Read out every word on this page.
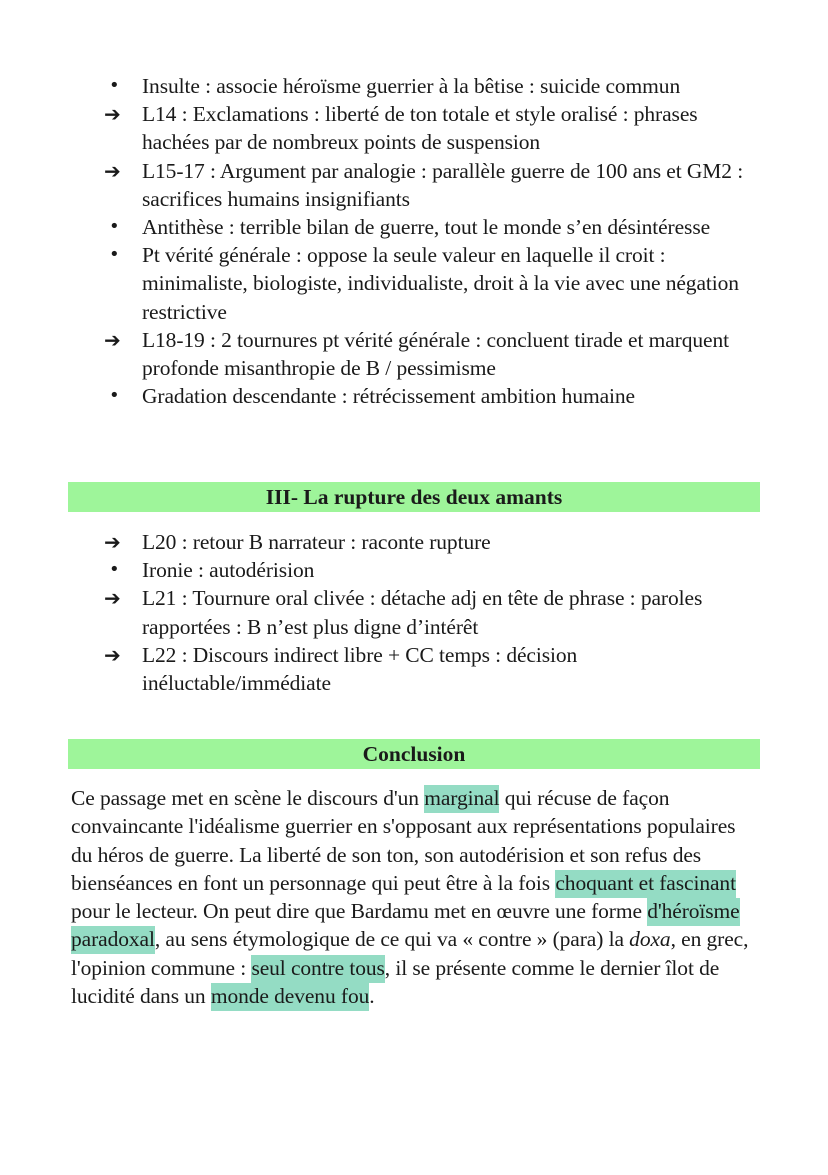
•	Insulte : associe héroïsme guerrier à la bêtise : suicide commun
➔ L14 : Exclamations : liberté de ton totale et style oralisé : phrases hachées par de nombreux points de suspension
➔ L15-17 : Argument par analogie : parallèle guerre de 100 ans et GM2 : sacrifices humains insignifiants
•	Antithèse : terrible bilan de guerre, tout le monde s’en désintéresse
•	Pt vérité générale : oppose la seule valeur en laquelle il croit : minimaliste, biologiste, individualiste, droit à la vie avec une négation restrictive
➔ L18-19 : 2 tournures pt vérité générale : concluent tirade et marquent profonde misanthropie de B / pessimisme
•	Gradation descendante : rétrécissement ambition humaine
III- La rupture des deux amants
➔ L20 : retour B narrateur : raconte rupture
•	Ironie : autodérision
➔ L21 : Tournure oral clivée : détache adj en tête de phrase : paroles rapportées : B n’est plus digne d’intérêt
➔ L22 : Discours indirect libre + CC temps : décision inéluctable/immédiate
Conclusion

Ce passage met en scène le discours d'un marginal qui récuse de façon convaincante l'idéalisme guerrier en s'opposant aux représentations populaires du héros de guerre. La liberté de son ton, son autodérision et son refus des bienséances en font un personnage qui peut être à la fois choquant et fascinant pour le lecteur. On peut dire que Bardamu met en œuvre une forme d'héroïsme paradoxal, au sens étymologique de ce qui va « contre » (para) la doxa, en grec, l'opinion commune : seul contre tous, il se présente comme le dernier îlot de lucidité dans un monde devenu fou.
